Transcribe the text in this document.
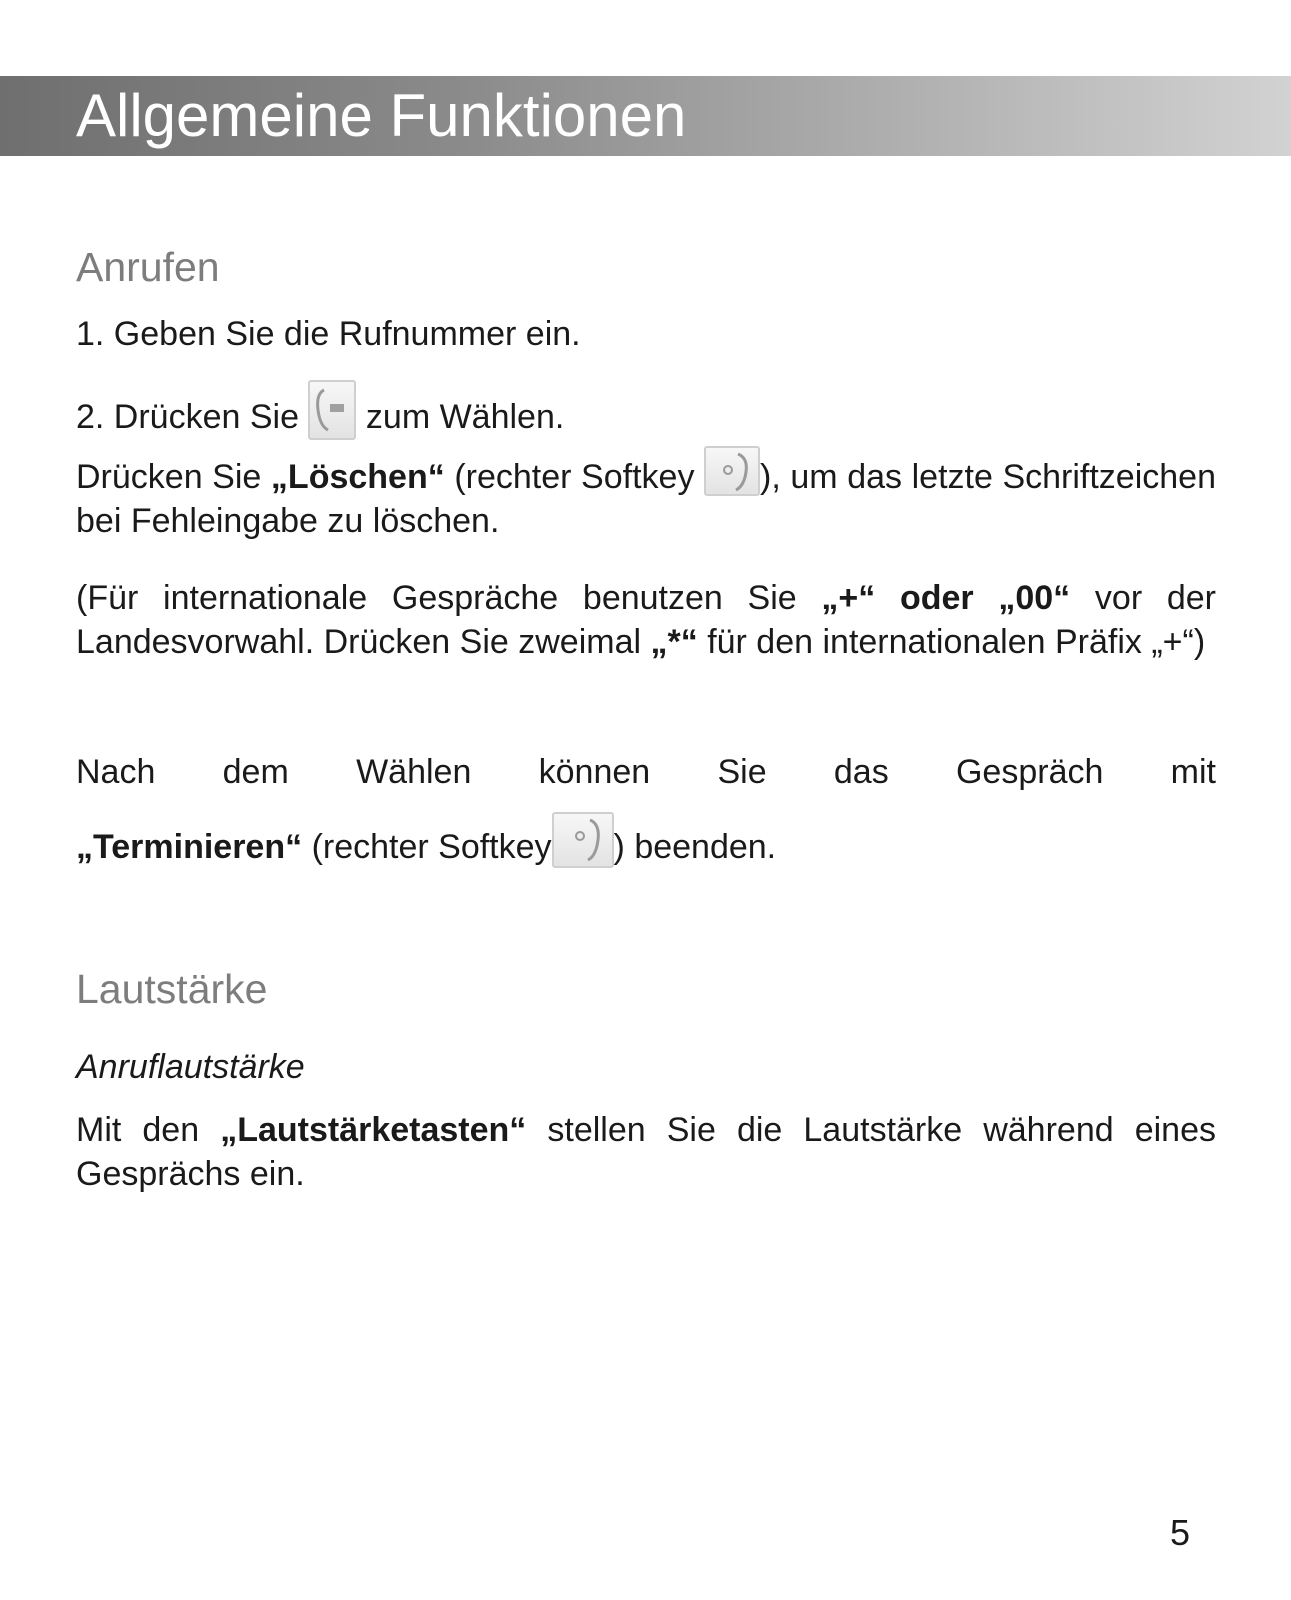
Allgemeine Funktionen
Anrufen

1. Geben Sie die Rufnummer ein.

2. Drücken Sie zum Wählen.

Drücken Sie „Löschen“ (rechter Softkey ), um das letzte Schriftzeichen bei Fehleingabe zu löschen.

(Für internationale Gespräche benutzen Sie „+“ oder „00“ vor der Landesvorwahl. Drücken Sie zweimal „*“ für den internationalen Präfix „+“)

Nach dem Wählen können Sie das Gespräch mit

„Terminieren“ (rechter Softkey ) beenden.

Lautstärke
Anruflautstärke

Mit den „Lautstärketasten“ stellen Sie die Lautstärke während eines Gesprächs ein.

5
